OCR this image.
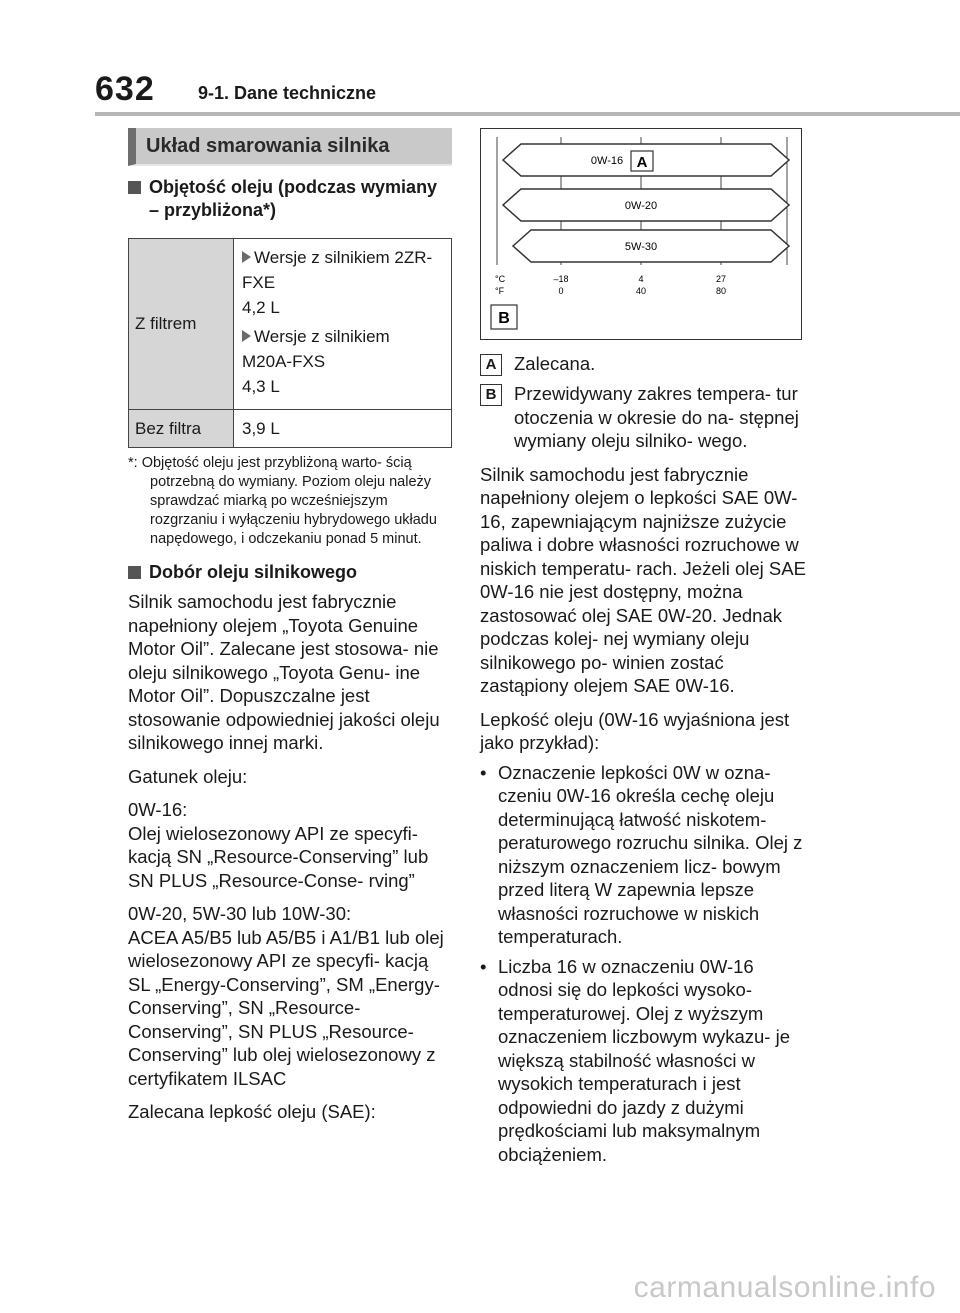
632 9-1. Dane techniczne
Układ smarowania silnika
Objętość oleju (podczas wymiany – przybliżona*)
Z filtrem	Wersje z silnikiem 2ZR-FXE
4,2 L
Wersje z silnikiem M20A-FXS
4,3 L

Bez filtra	3,9 L
*: Objętość oleju jest przybliżoną warto- ścią potrzebną do wymiany. Poziom oleju należy sprawdzać miarką po wcześniejszym rozgrzaniu i wyłączeniu hybrydowego układu napędowego, i odczekaniu ponad 5 minut.
Dobór oleju silnikowego
Silnik samochodu jest fabrycznie napełniony olejem „Toyota Genuine Motor Oil”. Zalecane jest stosowa- nie oleju silnikowego „Toyota Genu- ine Motor Oil”. Dopuszczalne jest stosowanie odpowiedniej jakości oleju silnikowego innej marki.
Gatunek oleju:
0W-16:
Olej wielosezonowy API ze specyfi- kacją SN „Resource-Conserving” lub SN PLUS „Resource-Conse- rving”
0W-20, 5W-30 lub 10W-30:
ACEA A5/B5 lub A5/B5 i A1/B1 lub olej wielosezonowy API ze specyfi- kacją SL „Energy-Conserving”, SM „Energy-Conserving”, SN „Resource- Conserving”, SN PLUS „Resource- Conserving” lub olej wielosezonowy z certyfikatem ILSAC
Zalecana lepkość oleju (SAE):
0W-16 A
0W-20
5W-30
°C
°F
–18
0
4
40
27
80
B
A Zalecana.
B Przewidywany zakres tempera- tur otoczenia w okresie do na- stępnej wymiany oleju silniko- wego.
Silnik samochodu jest fabrycznie napełniony olejem o lepkości SAE 0W-16, zapewniającym najniższe zużycie paliwa i dobre własności rozruchowe w niskich temperatu- rach. Jeżeli olej SAE 0W-16 nie jest dostępny, można zastosować olej SAE 0W-20. Jednak podczas kolej- nej wymiany oleju silnikowego po- winien zostać zastąpiony olejem SAE 0W-16.
Lepkość oleju (0W-16 wyjaśniona jest jako przykład):
• Oznaczenie lepkości 0W w ozna- czeniu 0W-16 określa cechę oleju determinującą łatwość niskotem- peraturowego rozruchu silnika. Olej z niższym oznaczeniem licz- bowym przed literą W zapewnia lepsze własności rozruchowe w niskich temperaturach.
• Liczba 16 w oznaczeniu 0W-16 odnosi się do lepkości wysoko- temperaturowej. Olej z wyższym oznaczeniem liczbowym wykazu- je większą stabilność własności w wysokich temperaturach i jest odpowiedni do jazdy z dużymi prędkościami lub maksymalnym obciążeniem.
carmanualsonline.info
